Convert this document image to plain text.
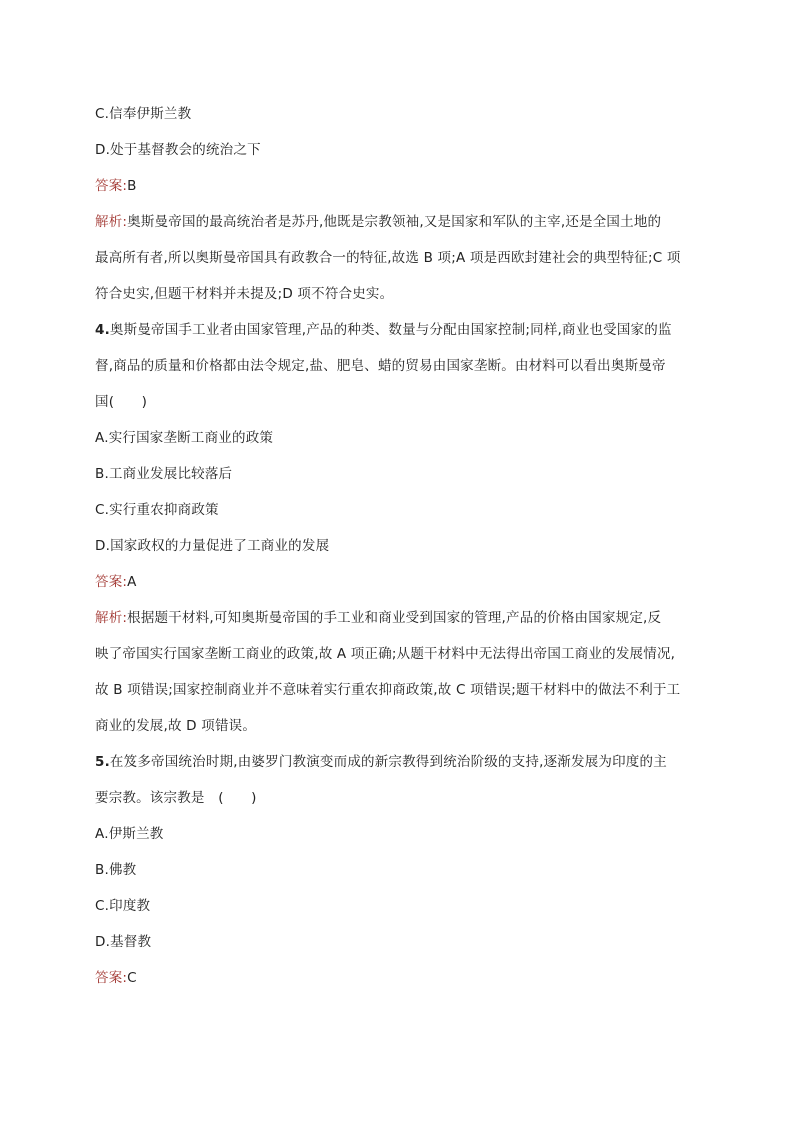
C.信奉伊斯兰教
D.处于基督教会的统治之下
答案:B
解析:奥斯曼帝国的最高统治者是苏丹,他既是宗教领袖,又是国家和军队的主宰,还是全国土地的
最高所有者,所以奥斯曼帝国具有政教合一的特征,故选 B 项;A 项是西欧封建社会的典型特征;C 项
符合史实,但题干材料并未提及;D 项不符合史实。
4.奥斯曼帝国手工业者由国家管理,产品的种类、数量与分配由国家控制;同样,商业也受国家的监
督,商品的质量和价格都由法令规定,盐、肥皂、蜡的贸易由国家垄断。由材料可以看出奥斯曼帝
国(　　)
A.实行国家垄断工商业的政策
B.工商业发展比较落后
C.实行重农抑商政策
D.国家政权的力量促进了工商业的发展
答案:A
解析:根据题干材料,可知奥斯曼帝国的手工业和商业受到国家的管理,产品的价格由国家规定,反
映了帝国实行国家垄断工商业的政策,故 A 项正确;从题干材料中无法得出帝国工商业的发展情况,
故 B 项错误;国家控制商业并不意味着实行重农抑商政策,故 C 项错误;题干材料中的做法不利于工
商业的发展,故 D 项错误。
5.在笈多帝国统治时期,由婆罗门教演变而成的新宗教得到统治阶级的支持,逐渐发展为印度的主
要宗教。该宗教是　(　　)
A.伊斯兰教
B.佛教
C.印度教
D.基督教
答案:C
